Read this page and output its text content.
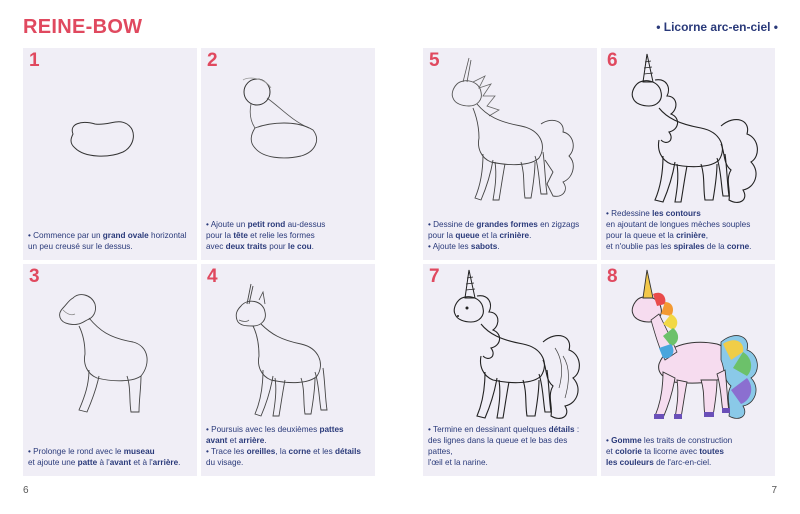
REINE-BOW	• Licorne arc-en-ciel •
1

• Commence par un grand ovale horizontal

un peu creusé sur le dessus.

2

• Ajoute un petit rond au-dessus

pour la tête et relie les formes

avec deux traits pour le cou.

3

• Prolonge le rond avec le museau

et ajoute une patte à l'avant et à l'arrière.

4

• Poursuis avec les deuxièmes pattes

avant et arrière.

• Trace les oreilles, la corne et les détails

du visage.

5

• Dessine de grandes formes en zigzags

pour la queue et la crinière.

• Ajoute les sabots.

6

• Redessine les contours

en ajoutant de longues mèches souples

pour la queue et la crinière,

et n'oublie pas les spirales de la corne.

7

• Termine en dessinant quelques détails :

des lignes dans la queue et le bas des pattes,

l'œil et la narine.

8

• Gomme les traits de construction

et colorie ta licorne avec toutes

les couleurs de l'arc-en-ciel.

6	7
